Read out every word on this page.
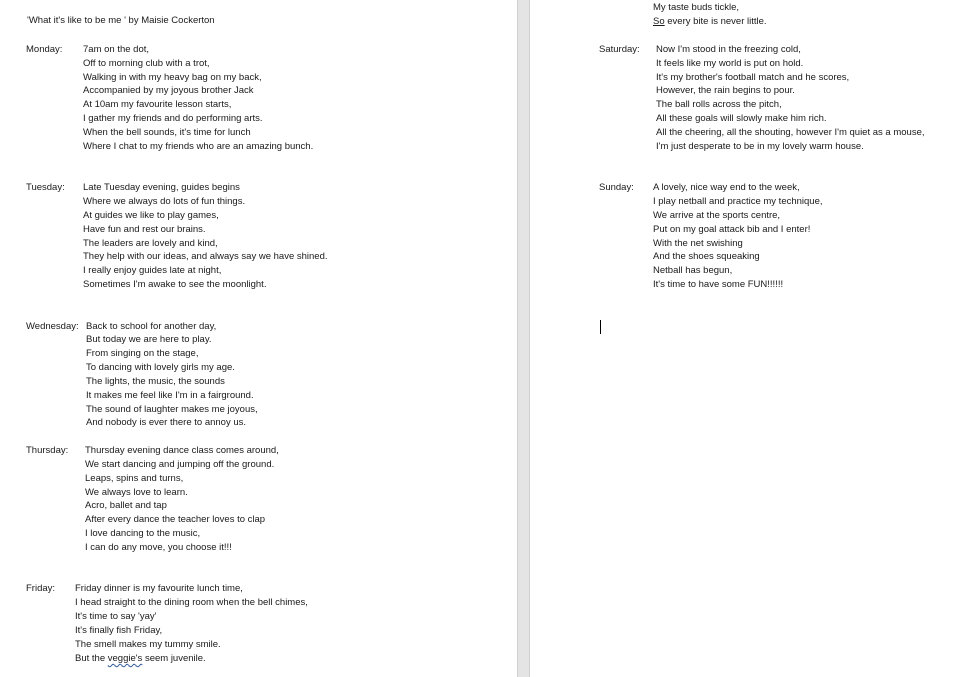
'What it's like to be me ' by Maisie Cockerton
Monday: 7am on the dot,
Off to morning club with a trot,
Walking in with my heavy bag on my back,
Accompanied by my joyous brother Jack
At 10am my favourite lesson starts,
I gather my friends and do performing arts.
When the bell sounds, it's time for lunch
Where I chat to my friends who are an amazing bunch.
Tuesday: Late Tuesday evening, guides begins
Where we always do lots of fun things.
At guides we like to play games,
Have fun and rest our brains.
The leaders are lovely and kind,
They help with our ideas, and always say we have shined.
I really enjoy guides late at night,
Sometimes I'm awake to see the moonlight.
Wednesday: Back to school for another day,
But today we are here to play.
From singing on the stage,
To dancing with lovely girls my age.
The lights, the music, the sounds
It makes me feel like I'm in a fairground.
The sound of laughter makes me joyous,
And nobody is ever there to annoy us.
Thursday: Thursday evening dance class comes around,
We start dancing and jumping off the ground.
Leaps, spins and turns,
We always love to learn.
Acro, ballet and tap
After every dance the teacher loves to clap
I love dancing to the music,
I can do any move, you choose it!!!
Friday: Friday dinner is my favourite lunch time,
I head straight to the dining room when the bell chimes,
It's time to say 'yay'
It's finally fish Friday,
The smell makes my tummy smile.
But the veggie's seem juvenile.
My taste buds tickle,
So every bite is never little.
Saturday: Now I'm stood in the freezing cold,
It feels like my world is put on hold.
It's my brother's football match and he scores,
However, the rain begins to pour.
The ball rolls across the pitch,
All these goals will slowly make him rich.
All the cheering, all the shouting, however I'm quiet as a mouse,
I'm just desperate to be in my lovely warm house.
Sunday: A lovely, nice way end to the week,
I play netball and practice my technique,
We arrive at the sports centre,
Put on my goal attack bib and I enter!
With the net swishing
And the shoes squeaking
Netball has begun,
It's time to have some FUN!!!!!!
